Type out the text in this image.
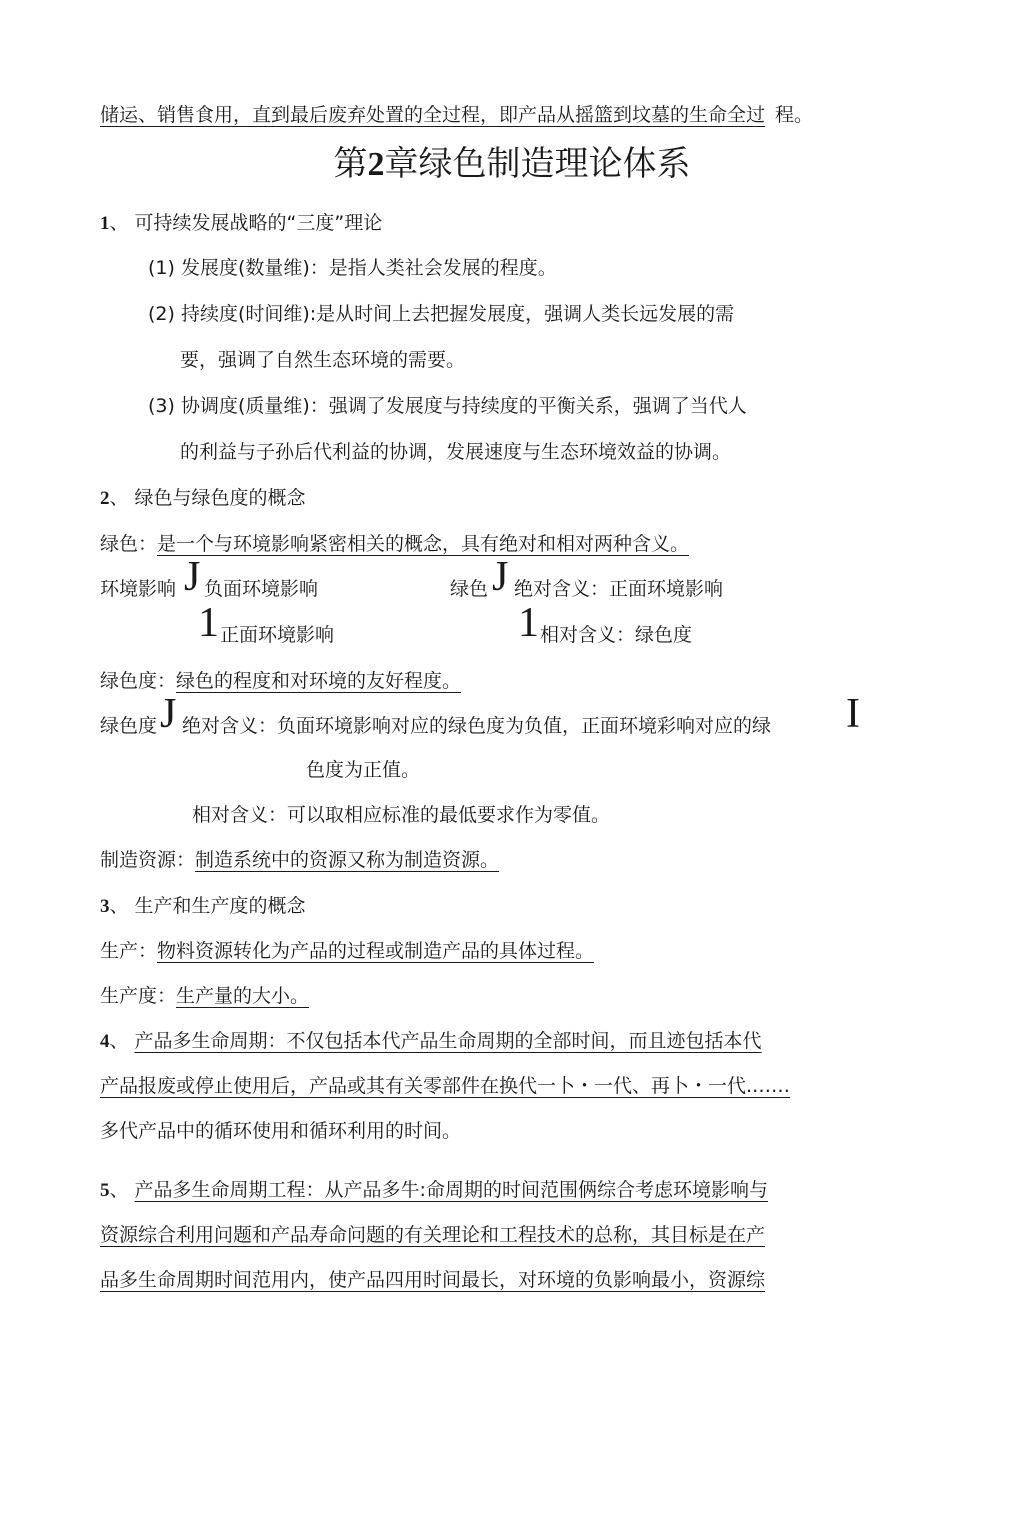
储运、销售食用，直到最后废弃处置的全过程，即产品从摇篮到坟墓的生命全过 程。
第2章绿色制造理论体系
1、 可持续发展战略的“三度”理论
(1) 发展度(数量维)：是指人类社会发展的程度。
(2) 持续度(时间维):是从时间上去把握发展度，强调人类长远发展的需
要，强调了自然生态环境的需要。
(3) 协调度(质量维)：强调了发展度与持续度的平衡关系，强调了当代人
的利益与子孙后代利益的协调，发展速度与生态环境效益的协调。
2、 绿色与绿色度的概念
绿色：是一个与环境影响紧密相关的概念，具有绝对和相对两种含义。
环境影响 J 负面环境影响	绿色 J 绝对含义：正面环境影响
1 正面环境影响	1 相对含义：绿色度
绿色度：绿色的程度和对环境的友好程度。
绿色度 J 绝对含义：负面环境影响对应的绿色度为负值，正面环境彩响对应的绿 I
色度为正值。
相对含义：可以取相应标准的最低要求作为零值。
制造资源：制造系统中的资源又称为制造资源。
3、 生产和生产度的概念
生产：物料资源转化为产品的过程或制造产品的具体过程。
生产度：生产量的大小。
4、 产品多生命周期：不仅包括本代产品生命周期的全部时间，而且迹包括本代
产品报废或停止使用后，产品或其有关零部件在换代一卜・一代、再卜・一代.……
多代产品中的循环使用和循环利用的时间。
5、 产品多生命周期工程：从产品多牛:命周期的时间范围俩综合考虑环境影响与
资源综合利用问题和产品寿命问题的有关理论和工程技术的总称，其目标是在产
品多生命周期时间范用内，使产品四用时间最长，对环境的负影响最小，资源综
